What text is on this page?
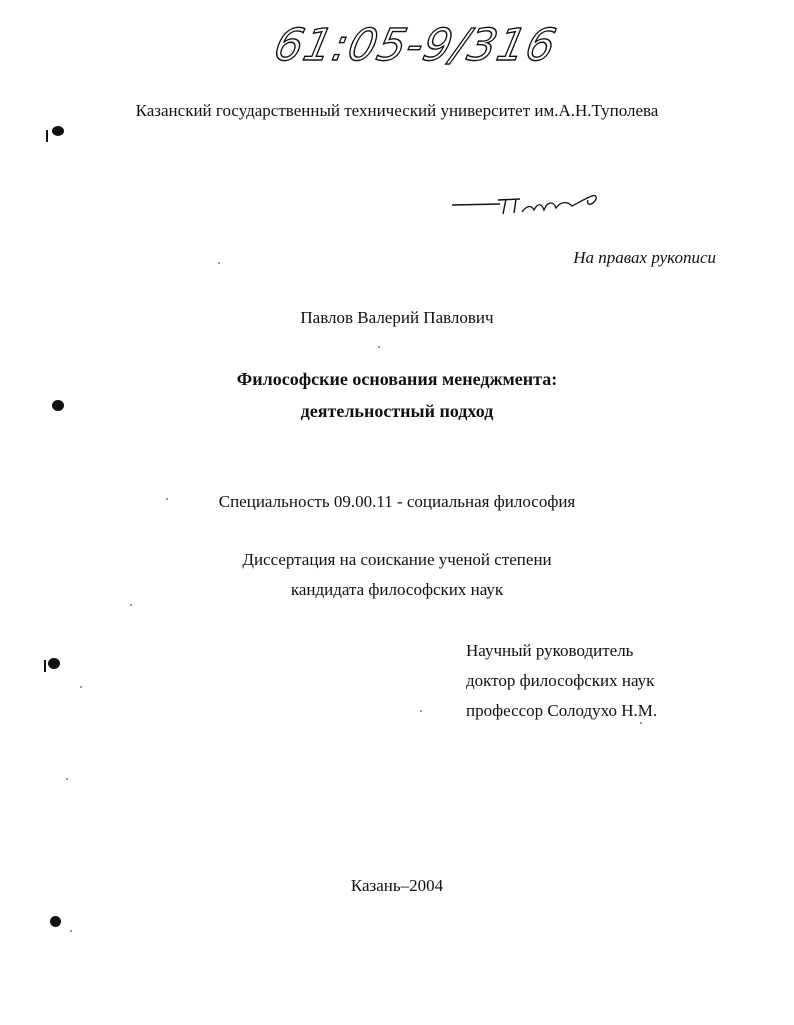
61:05-9/316
Казанский государственный технический университет им.А.Н.Туполева
На правах рукописи
Павлов Валерий Павлович
Философские основания менеджмента:
деятельностный подход
Специальность 09.00.11 - социальная философия
Диссертация на соискание ученой степени
кандидата философских наук
Научный руководитель
доктор философских наук
профессор Солодухо Н.М.
Казань–2004
